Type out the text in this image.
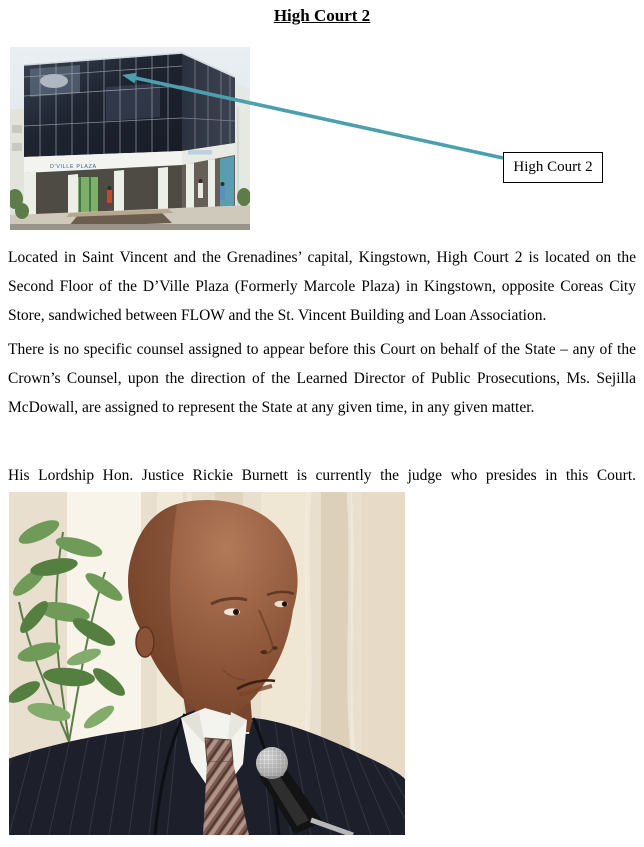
High Court 2
D'VILLE PLAZA	High Court 2

Located in Saint Vincent and the Grenadines’ capital, Kingstown, High Court 2 is located on the Second Floor of the D’Ville Plaza (Formerly Marcole Plaza) in Kingstown, opposite Coreas City Store, sandwiched between FLOW and the St. Vincent Building and Loan Association.

There is no specific counsel assigned to appear before this Court on behalf of the State – any of the Crown’s Counsel, upon the direction of the Learned Director of Public Prosecutions, Ms. Sejilla McDowall, are assigned to represent the State at any given time, in any given matter.

His Lordship Hon. Justice Rickie Burnett is currently the judge who presides in this Court.
